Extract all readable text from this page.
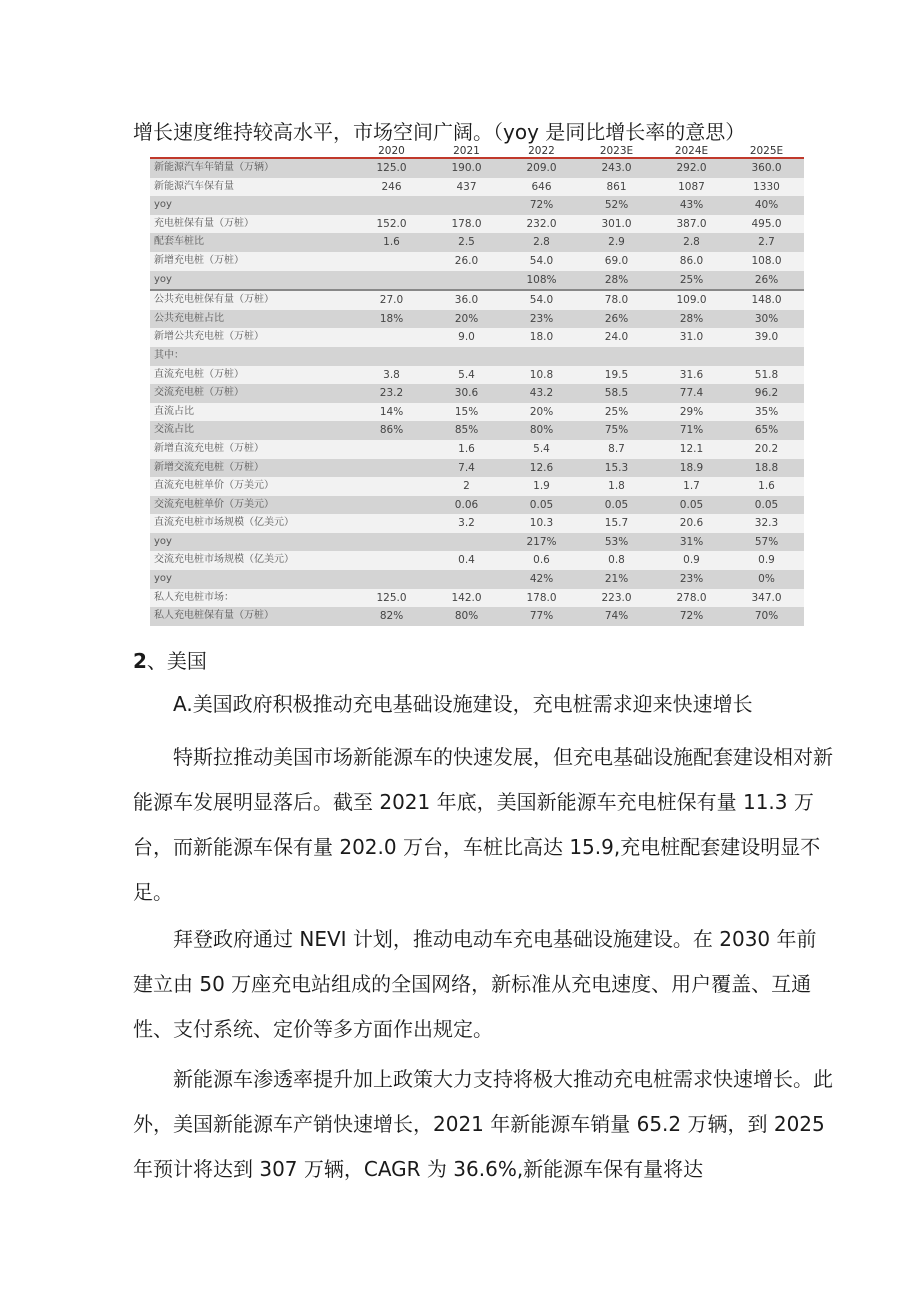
增长速度维持较高水平，市场空间广阔。（yoy 是同比增长率的意思）
	2020	2021	2022	2023E	2024E	2025E
新能源汽车年销量（万辆）	125.0	190.0	209.0	243.0	292.0	360.0
新能源汽车保有量	246	437	646	861	1087	1330
yoy			72%	52%	43%	40%
充电桩保有量（万桩）	152.0	178.0	232.0	301.0	387.0	495.0
配套车桩比	1.6	2.5	2.8	2.9	2.8	2.7
新增充电桩（万桩）		26.0	54.0	69.0	86.0	108.0
yoy			108%	28%	25%	26%
公共充电桩保有量（万桩）	27.0	36.0	54.0	78.0	109.0	148.0
公共充电桩占比	18%	20%	23%	26%	28%	30%
新增公共充电桩（万桩）		9.0	18.0	24.0	31.0	39.0
其中：						
直流充电桩（万桩）	3.8	5.4	10.8	19.5	31.6	51.8
交流充电桩（万桩）	23.2	30.6	43.2	58.5	77.4	96.2
直流占比	14%	15%	20%	25%	29%	35%
交流占比	86%	85%	80%	75%	71%	65%
新增直流充电桩（万桩）		1.6	5.4	8.7	12.1	20.2
新增交流充电桩（万桩）		7.4	12.6	15.3	18.9	18.8
直流充电桩单价（万美元）		2	1.9	1.8	1.7	1.6
交流充电桩单价（万美元）		0.06	0.05	0.05	0.05	0.05
直流充电桩市场规模（亿美元）		3.2	10.3	15.7	20.6	32.3
yoy			217%	53%	31%	57%
交流充电桩市场规模（亿美元）		0.4	0.6	0.8	0.9	0.9
yoy			42%	21%	23%	0%
私人充电桩市场：	125.0	142.0	178.0	223.0	278.0	347.0
私人充电桩保有量（万桩）	82%	80%	77%	74%	72%	70%
2、美国

A.美国政府积极推动充电基础设施建设，充电桩需求迎来快速增长

特斯拉推动美国市场新能源车的快速发展，但充电基础设施配套建设相对新能源车发展明显落后。截至 2021 年底，美国新能源车充电桩保有量 11.3 万台，而新能源车保有量 202.0 万台，车桩比高达 15.9,充电桩配套建设明显不足。

拜登政府通过 NEVI 计划，推动电动车充电基础设施建设。在 2030 年前建立由 50 万座充电站组成的全国网络，新标准从充电速度、用户覆盖、互通性、支付系统、定价等多方面作出规定。

新能源车渗透率提升加上政策大力支持将极大推动充电桩需求快速增长。此外，美国新能源车产销快速增长，2021 年新能源车销量 65.2 万辆，到 2025 年预计将达到 307 万辆，CAGR 为 36.6%,新能源车保有量将达
